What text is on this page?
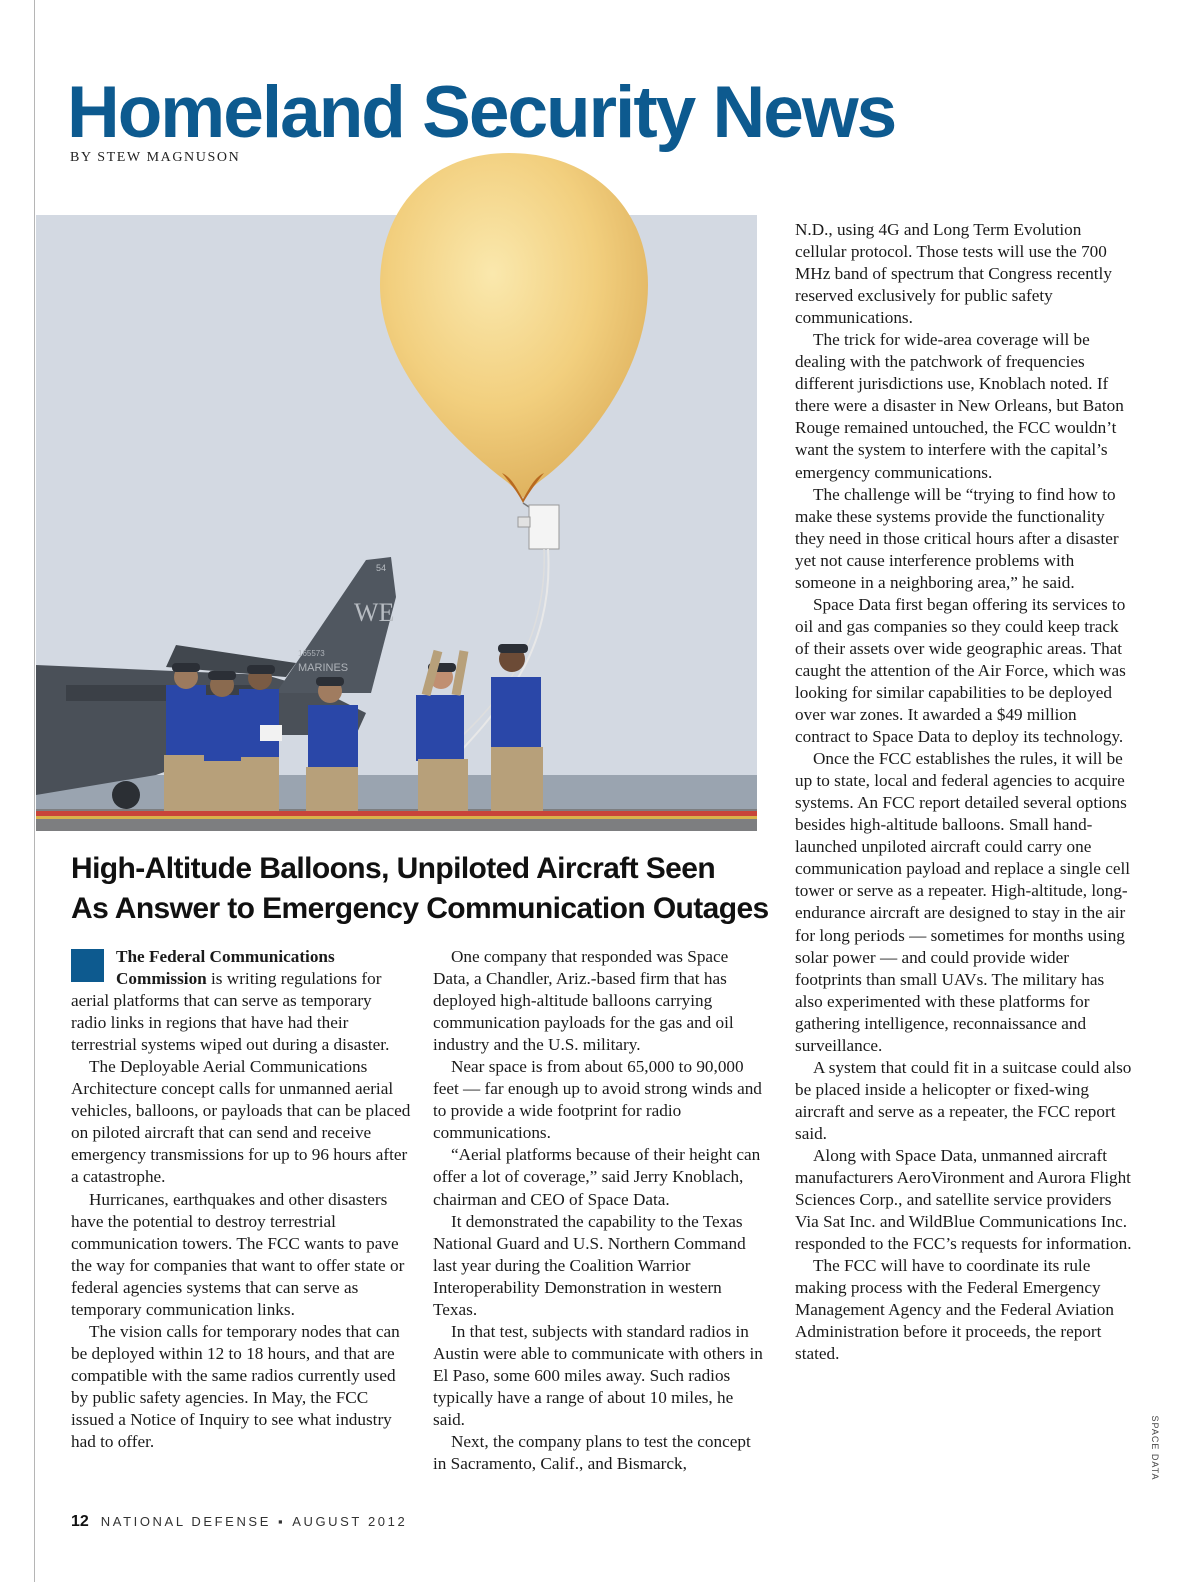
Homeland Security News
BY STEW MAGNUSON
WE
54
165573
MARINES
SPACE DATA
High-Altitude Balloons, Unpiloted Aircraft Seen
As Answer to Emergency Communication Outages

The Federal Communications Commission is writing regulations for aerial platforms that can serve as temporary radio links in regions that have had their terrestrial systems wiped out during a disaster.

The Deployable Aerial Communications Architecture concept calls for unmanned aerial vehicles, balloons, or payloads that can be placed on piloted aircraft that can send and receive emergency transmissions for up to 96 hours after a catastrophe.

Hurricanes, earthquakes and other disasters have the potential to destroy terrestrial communication towers. The FCC wants to pave the way for companies that want to offer state or federal agencies systems that can serve as temporary communication links.

The vision calls for temporary nodes that can be deployed within 12 to 18 hours, and that are compatible with the same radios currently used by public safety agencies. In May, the FCC issued a Notice of Inquiry to see what industry had to offer.

One company that responded was Space Data, a Chandler, Ariz.-based firm that has deployed high-altitude balloons carrying communication payloads for the gas and oil industry and the U.S. military.

Near space is from about 65,000 to 90,000 feet — far enough up to avoid strong winds and to provide a wide footprint for radio communications.

“Aerial platforms because of their height can offer a lot of coverage,” said Jerry Knoblach, chairman and CEO of Space Data.

It demonstrated the capability to the Texas National Guard and U.S. Northern Command last year during the Coalition Warrior Interoperability Demonstration in western Texas.

In that test, subjects with standard radios in Austin were able to communicate with others in El Paso, some 600 miles away. Such radios typically have a range of about 10 miles, he said.

Next, the company plans to test the concept in Sacramento, Calif., and Bismarck,

N.D., using 4G and Long Term Evolution cellular protocol. Those tests will use the 700 MHz band of spectrum that Congress recently reserved exclusively for public safety communications.

The trick for wide-area coverage will be dealing with the patchwork of frequencies different jurisdictions use, Knoblach noted. If there were a disaster in New Orleans, but Baton Rouge remained untouched, the FCC wouldn’t want the system to interfere with the capital’s emergency communications.

The challenge will be “trying to find how to make these systems provide the functionality they need in those critical hours after a disaster yet not cause interference problems with someone in a neighboring area,” he said.

Space Data first began offering its services to oil and gas companies so they could keep track of their assets over wide geographic areas. That caught the attention of the Air Force, which was looking for similar capabilities to be deployed over war zones. It awarded a $49 million contract to Space Data to deploy its technology.

Once the FCC establishes the rules, it will be up to state, local and federal agencies to acquire systems. An FCC report detailed several options besides high-altitude balloons. Small hand-launched unpiloted aircraft could carry one communication payload and replace a single cell tower or serve as a repeater. High-altitude, long-endurance aircraft are designed to stay in the air for long periods — sometimes for months using solar power — and could provide wider footprints than small UAVs. The military has also experimented with these platforms for gathering intelligence, reconnaissance and surveillance.

A system that could fit in a suitcase could also be placed inside a helicopter or fixed-wing aircraft and serve as a repeater, the FCC report said.

Along with Space Data, unmanned aircraft manufacturers AeroVironment and Aurora Flight Sciences Corp., and satellite service providers Via Sat Inc. and WildBlue Communications Inc. responded to the FCC’s requests for information.

The FCC will have to coordinate its rule making process with the Federal Emergency Management Agency and the Federal Aviation Administration before it proceeds, the report stated.

12 NATIONAL DEFENSE ▪ AUGUST 2012
